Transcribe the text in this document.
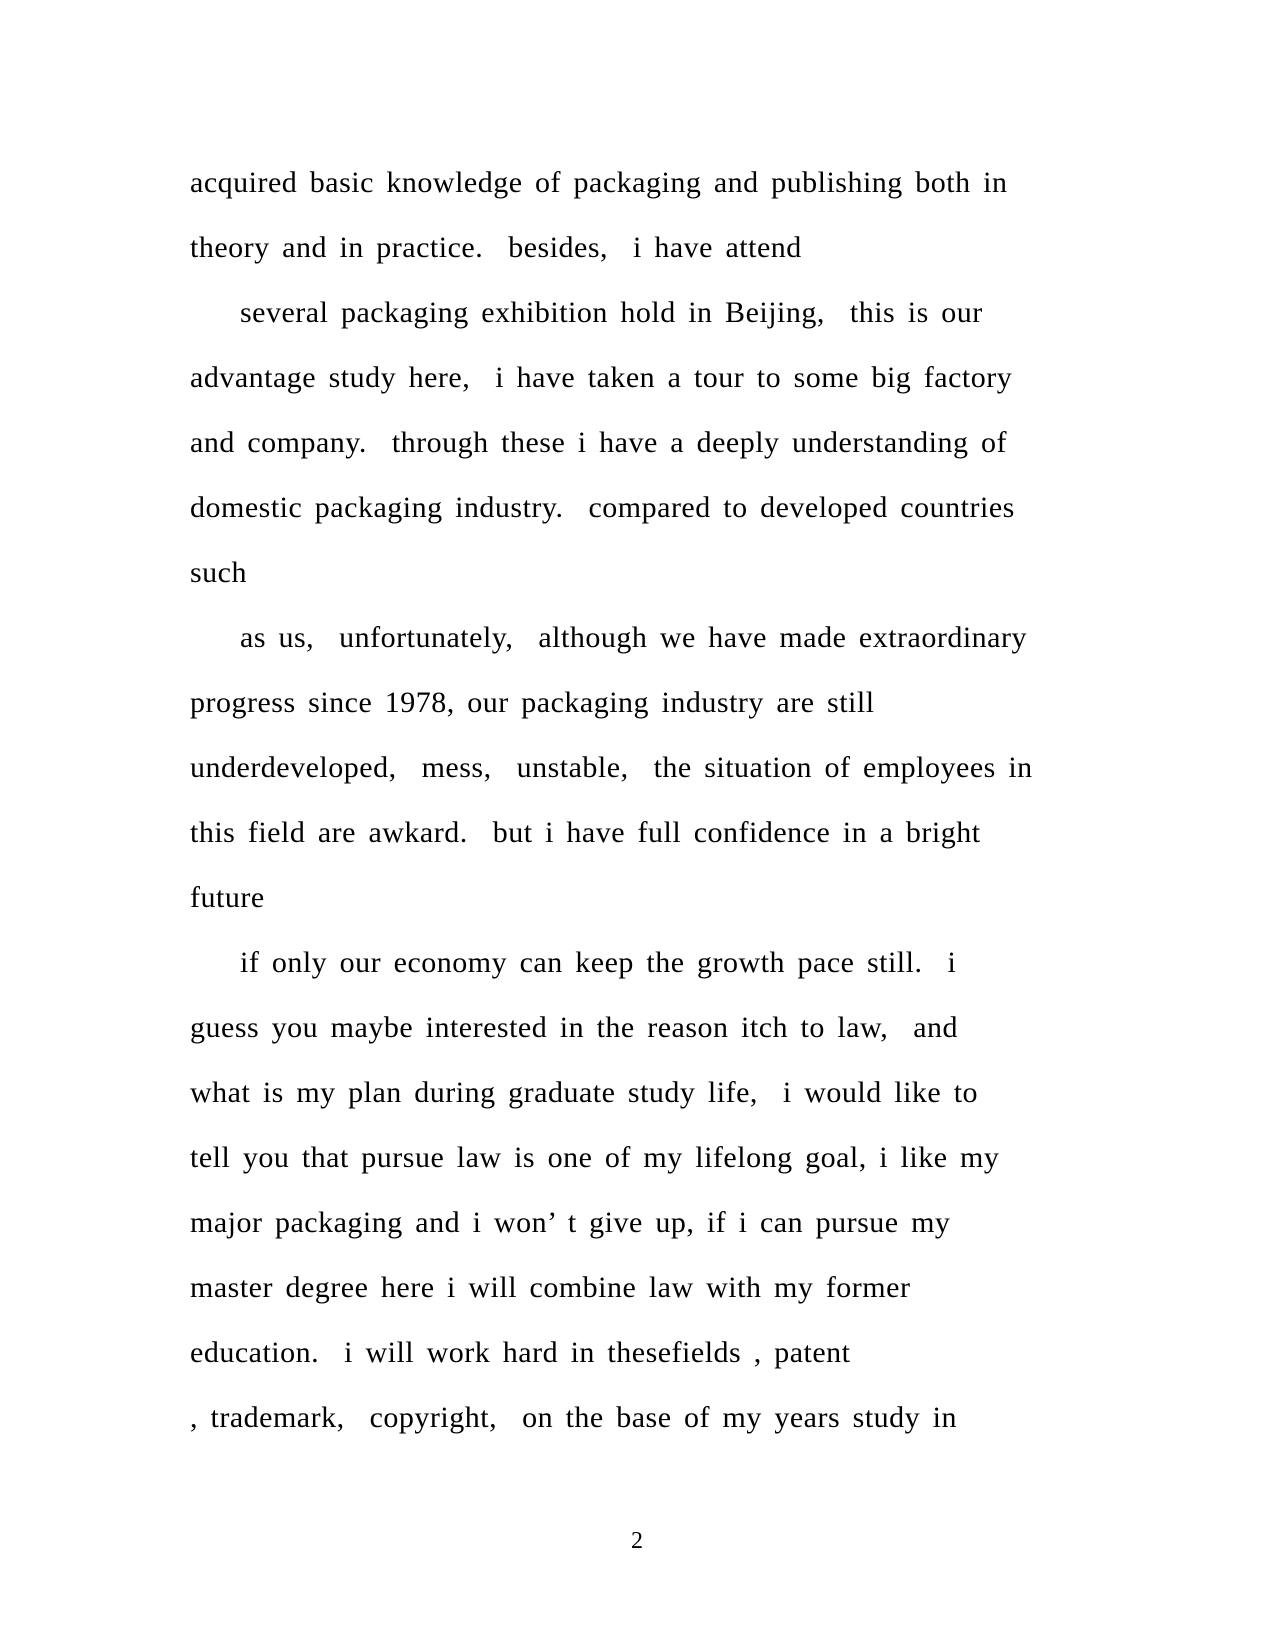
acquired basic knowledge of packaging and publishing both in
theory and in practice.  besides,  i have attend
several packaging exhibition hold in Beijing,  this is our
advantage study here,  i have taken a tour to some big factory
and company.  through these i have a deeply understanding of
domestic packaging industry.  compared to developed countries
such
as us,  unfortunately,  although we have made extraordinary
progress since 1978, our packaging industry are still
underdeveloped,  mess,  unstable,  the situation of employees in
this field are awkard.  but i have full confidence in a bright
future
if only our economy can keep the growth pace still.  i
guess you maybe interested in the reason itch to law,  and
what is my plan during graduate study life,  i would like to
tell you that pursue law is one of my lifelong goal, i like my
major packaging and i won’ t give up, if i can pursue my
master degree here i will combine law with my former
education.  i will work hard in thesefields , patent
, trademark,  copyright,  on the base of my years study in
2
